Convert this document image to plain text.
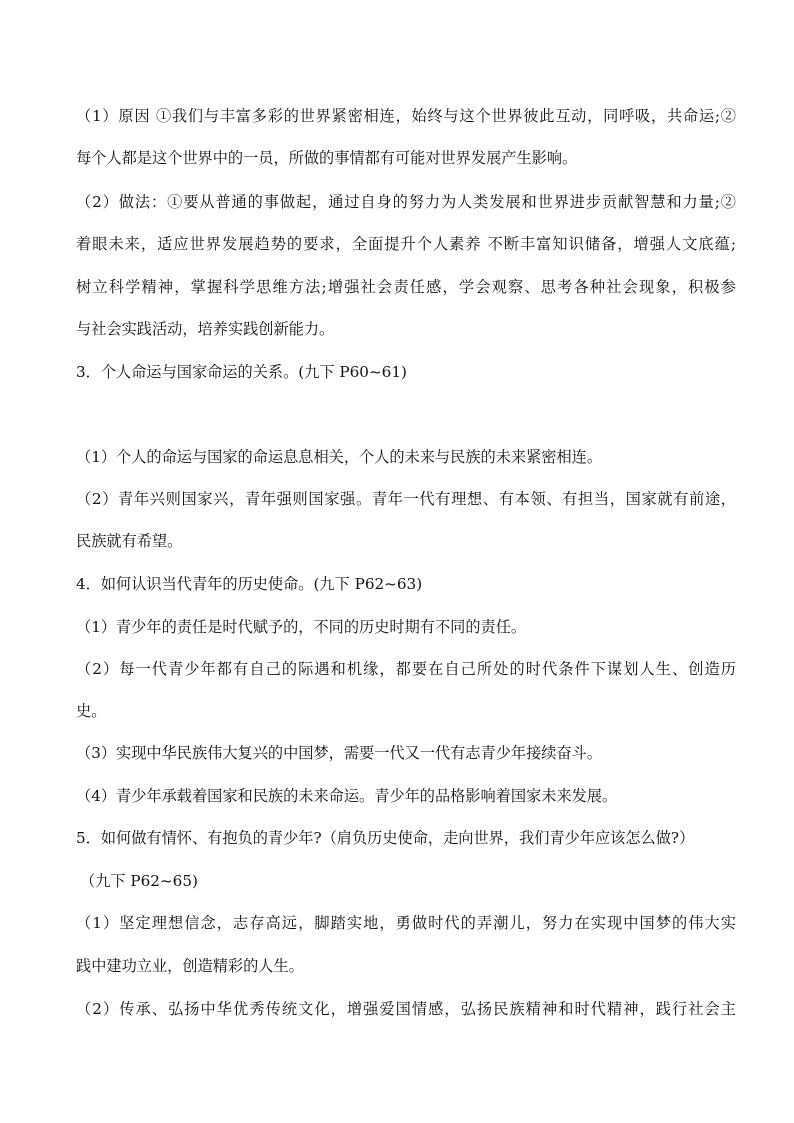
（1）原因 ①我们与丰富多彩的世界紧密相连，始终与这个世界彼此互动，同呼吸，共命运;②
每个人都是这个世界中的一员，所做的事情都有可能对世界发展产生影响。
（2）做法：①要从普通的事做起，通过自身的努力为人类发展和世界进步贡献智慧和力量;②
着眼未来，适应世界发展趋势的要求，全面提升个人素养 不断丰富知识储备，增强人文底蕴;
树立科学精神，掌握科学思维方法;增强社会责任感，学会观察、思考各种社会现象，积极参
与社会实践活动，培养实践创新能力。
3．个人命运与国家命运的关系。(九下 P60~61)
（1）个人的命运与国家的命运息息相关，个人的未来与民族的未来紧密相连。
（2）青年兴则国家兴，青年强则国家强。青年一代有理想、有本领、有担当，国家就有前途，
民族就有希望。
4．如何认识当代青年的历史使命。(九下 P62~63)
（1）青少年的责任是时代赋予的，不同的历史时期有不同的责任。
（2）每一代青少年都有自己的际遇和机缘，都要在自己所处的时代条件下谋划人生、创造历
史。
（3）实现中华民族伟大复兴的中国梦，需要一代又一代有志青少年接续奋斗。
（4）青少年承载着国家和民族的未来命运。青少年的品格影响着国家未来发展。
5．如何做有情怀、有抱负的青少年?（肩负历史使命，走向世界，我们青少年应该怎么做?）
（九下 P62~65)
（1）坚定理想信念，志存高远，脚踏实地，勇做时代的弄潮儿，努力在实现中国梦的伟大实
践中建功立业，创造精彩的人生。
（2）传承、弘扬中华优秀传统文化，增强爱国情感，弘扬民族精神和时代精神，践行社会主
